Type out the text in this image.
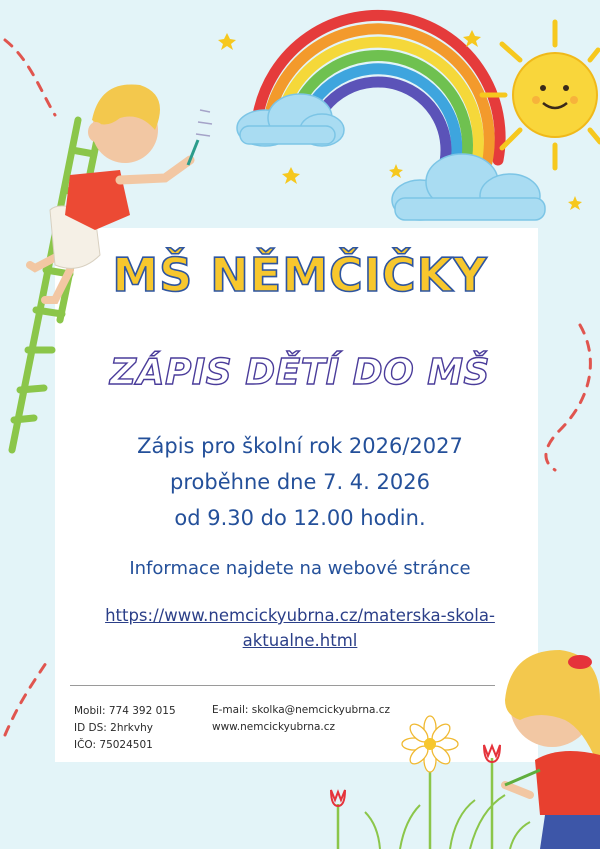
MŠ NĚMČIČKY
ZÁPIS DĚTÍ DO MŠ
Zápis pro školní rok 2026/2027
proběhne dne 7. 4. 2026
od 9.30 do 12.00 hodin.
Informace najdete na webové stránce
https://www.nemcickyubrna.cz/materska-skola-
aktualne.html
Mobil: 774 392 015
ID DS: 2hrkvhy
IČO: 75024501
E-mail: skolka@nemcickyubrna.cz
www.nemcickyubrna.cz
